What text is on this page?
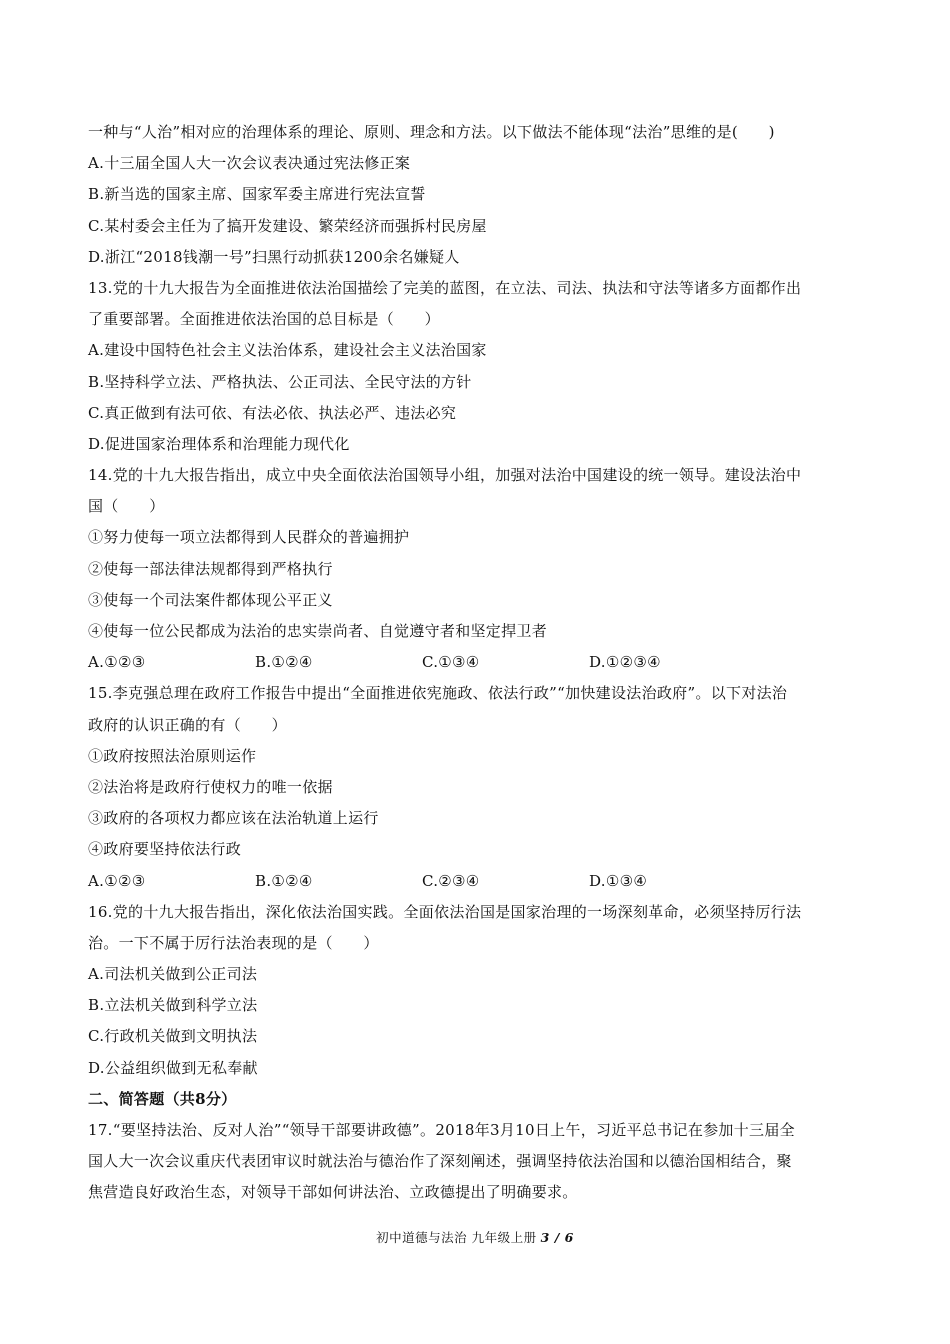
一种与“人治”相对应的治理体系的理论、原则、理念和方法。以下做法不能体现“法治”思维的是(　　)
A.十三届全国人大一次会议表决通过宪法修正案
B.新当选的国家主席、国家军委主席进行宪法宣誓
C.某村委会主任为了搞开发建设、繁荣经济而强拆村民房屋
D.浙江“2018钱潮一号”扫黑行动抓获1200余名嫌疑人
13.党的十九大报告为全面推进依法治国描绘了完美的蓝图，在立法、司法、执法和守法等诸多方面都作出
了重要部署。全面推进依法治国的总目标是（　　）
A.建设中国特色社会主义法治体系，建设社会主义法治国家
B.坚持科学立法、严格执法、公正司法、全民守法的方针
C.真正做到有法可依、有法必依、执法必严、违法必究
D.促进国家治理体系和治理能力现代化
14.党的十九大报告指出，成立中央全面依法治国领导小组，加强对法治中国建设的统一领导。建设法治中
国（　　）
①努力使每一项立法都得到人民群众的普遍拥护
②使每一部法律法规都得到严格执行
③使每一个司法案件都体现公平正义
④使每一位公民都成为法治的忠实崇尚者、自觉遵守者和坚定捍卫者
A.①②③	B.①②④	C.①③④	D.①②③④
15.李克强总理在政府工作报告中提出“全面推进依宪施政、依法行政”“加快建设法治政府”。以下对法治
政府的认识正确的有（　　）
①政府按照法治原则运作
②法治将是政府行使权力的唯一依据
③政府的各项权力都应该在法治轨道上运行
④政府要坚持依法行政
A.①②③	B.①②④	C.②③④	D.①③④
16.党的十九大报告指出，深化依法治国实践。全面依法治国是国家治理的一场深刻革命，必须坚持厉行法
治。一下不属于厉行法治表现的是（　　）
A.司法机关做到公正司法
B.立法机关做到科学立法
C.行政机关做到文明执法
D.公益组织做到无私奉献
二、简答题（共8分）
17.“要坚持法治、反对人治”“领导干部要讲政德”。2018年3月10日上午，习近平总书记在参加十三届全
国人大一次会议重庆代表团审议时就法治与德治作了深刻阐述，强调坚持依法治国和以德治国相结合，聚
焦营造良好政治生态，对领导干部如何讲法治、立政德提出了明确要求。
初中道德与法治 九年级上册 3 / 6
